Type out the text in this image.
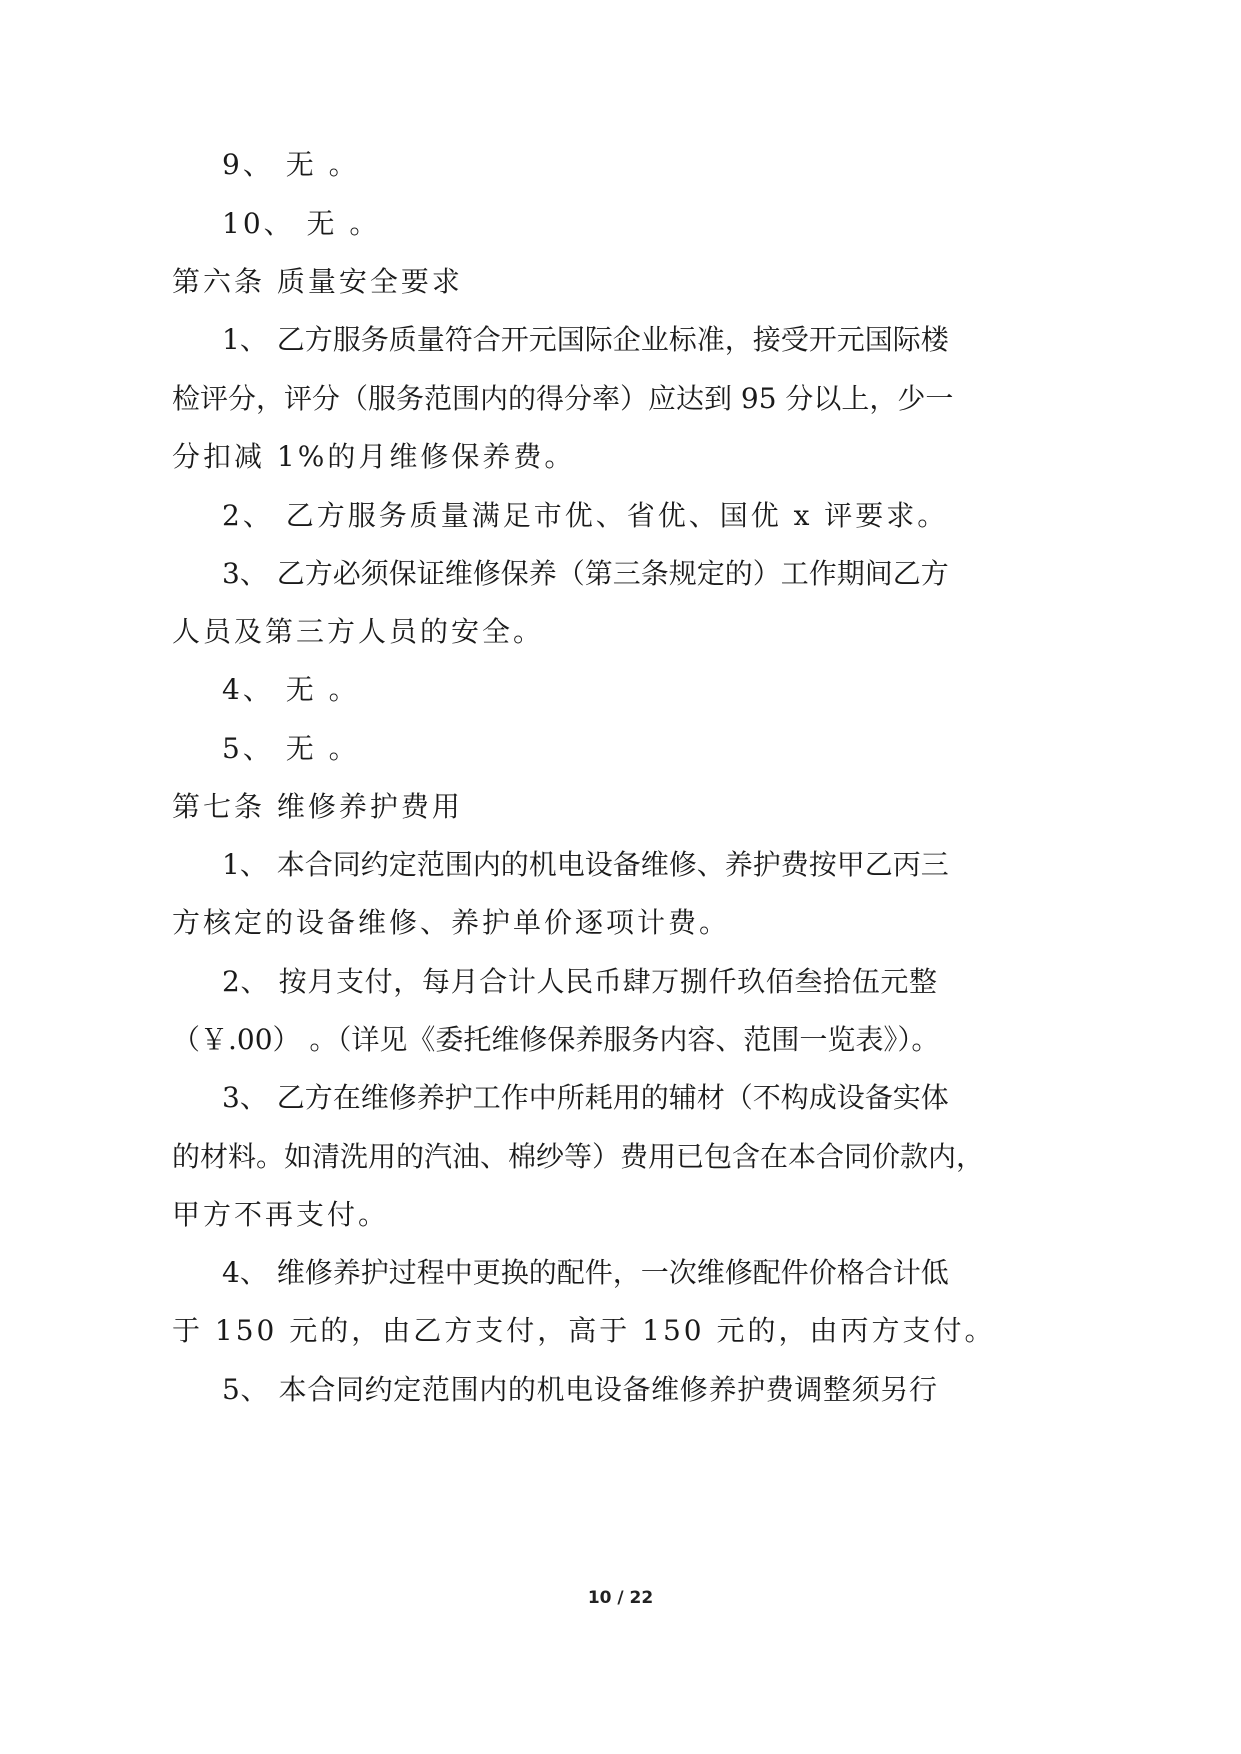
9、 无 。
10、 无 。
第六条 质量安全要求
1、 乙方服务质量符合开元国际企业标准，接受开元国际楼
检评分，评分（服务范围内的得分率）应达到 95 分以上，少一
分扣减 1%的月维修保养费。
2、 乙方服务质量满足市优、省优、国优 x 评要求。
3、 乙方必须保证维修保养（第三条规定的）工作期间乙方
人员及第三方人员的安全。
4、 无 。
5、 无 。
第七条 维修养护费用
1、 本合同约定范围内的机电设备维修、养护费按甲乙丙三
方核定的设备维修、养护单价逐项计费。
2、 按月支付，每月合计人民币肆万捌仟玖佰叁拾伍元整
（￥.00） 。（详见《委托维修保养服务内容、范围一览表》）。
3、 乙方在维修养护工作中所耗用的辅材（不构成设备实体
的材料。如清洗用的汽油、棉纱等）费用已包含在本合同价款内，
甲方不再支付。
4、 维修养护过程中更换的配件，一次维修配件价格合计低
于 150 元的，由乙方支付，高于 150 元的，由丙方支付。
5、 本合同约定范围内的机电设备维修养护费调整须另行
10 / 22
